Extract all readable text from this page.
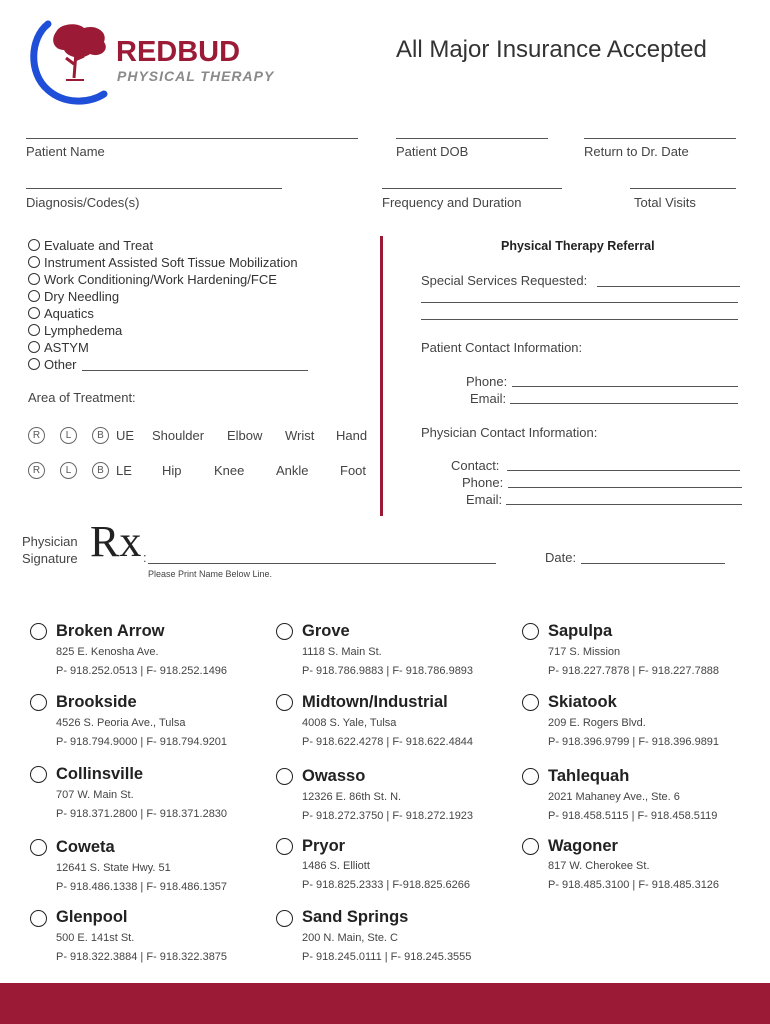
REDBUD
PHYSICAL THERAPY
All Major Insurance Accepted
Patient Name	Patient DOB	Return to Dr. Date
Diagnosis/Codes(s)	Frequency and Duration	Total Visits
Evaluate and Treat
Instrument Assisted Soft Tissue Mobilization
Work Conditioning/Work Hardening/FCE
Dry Needling
Aquatics
Lymphedema
ASTYM
Other
Area of Treatment:
R	L	B UE Shoulder Elbow Wrist Hand
R	L	B LE Hip Knee Ankle Foot
Physical Therapy Referral
Special Services Requested:
Patient Contact Information:
Phone:
Email:
Physician Contact Information:
Contact:
Phone:
Email:
Physician
Signature Rx :
Please Print Name Below Line.
Date:
Broken Arrow
825 E. Kenosha Ave.
P- 918.252.0513 | F- 918.252.1496
Grove
1118 S. Main St.
P- 918.786.9883 | F- 918.786.9893
Sapulpa
717 S. Mission
P- 918.227.7878 | F- 918.227.7888
Brookside
4526 S. Peoria Ave., Tulsa
P- 918.794.9000 | F- 918.794.9201
Midtown/Industrial
4008 S. Yale, Tulsa
P- 918.622.4278 | F- 918.622.4844
Skiatook
209 E. Rogers Blvd.
P- 918.396.9799 | F- 918.396.9891
Collinsville
707 W. Main St.
P- 918.371.2800 | F- 918.371.2830
Owasso
12326 E. 86th St. N.
P- 918.272.3750 | F- 918.272.1923
Tahlequah
2021 Mahaney Ave., Ste. 6
P- 918.458.5115 | F- 918.458.5119
Coweta
12641 S. State Hwy. 51
P- 918.486.1338 | F- 918.486.1357
Pryor
1486 S. Elliott
P- 918.825.2333 | F-918.825.6266
Wagoner
817 W. Cherokee St.
P- 918.485.3100 | F- 918.485.3126
Glenpool
500 E. 141st St.
P- 918.322.3884 | F- 918.322.3875
Sand Springs
200 N. Main, Ste. C
P- 918.245.0111 | F- 918.245.3555
